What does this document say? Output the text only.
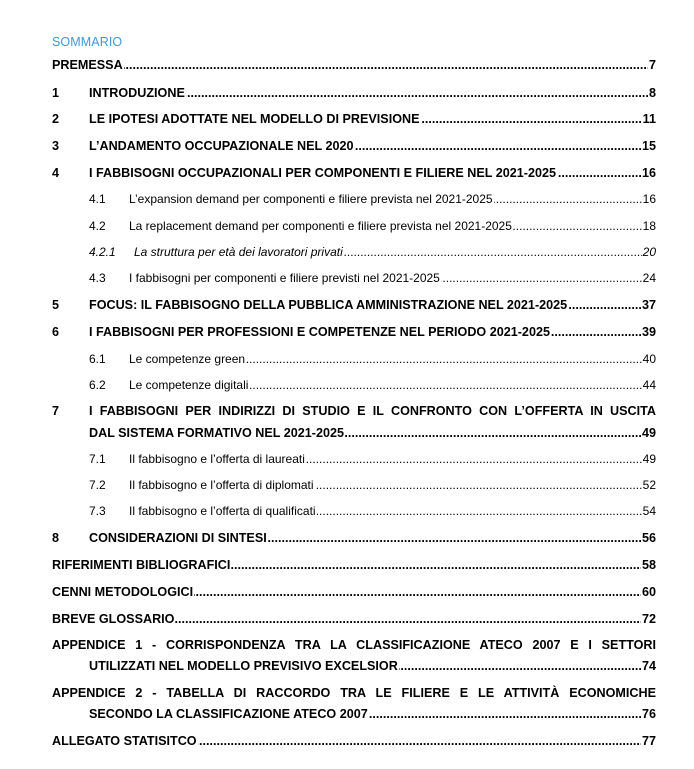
SOMMARIO
PREMESSA .....	7
1	INTRODUZIONE .....	8
2	LE IPOTESI ADOTTATE NEL MODELLO DI PREVISIONE .....	11
3	L’ANDAMENTO OCCUPAZIONALE NEL 2020 .....	15
4	I FABBISOGNI OCCUPAZIONALI PER COMPONENTI E FILIERE NEL 2021-2025 .....	16
4.1	L’expansion demand per componenti e filiere prevista nel 2021-2025 .....	16
4.2	La replacement demand per componenti e filiere prevista nel 2021-2025 .....	18
4.2.1	La struttura per età dei lavoratori privati .....	20
4.3	I fabbisogni per componenti e filiere previsti nel 2021-2025 .....	24
5	FOCUS: IL FABBISOGNO DELLA PUBBLICA AMMINISTRAZIONE NEL 2021-2025 .....	37
6	I FABBISOGNI PER PROFESSIONI E COMPETENZE NEL PERIODO 2021-2025 .....	39
6.1	Le competenze green .....	40
6.2	Le competenze digitali .....	44
7	I FABBISOGNI PER INDIRIZZI DI STUDIO E IL CONFRONTO CON L’OFFERTA IN USCITA
DAL SISTEMA FORMATIVO NEL 2021-2025 .....	49
7.1	Il fabbisogno e l’offerta di laureati .....	49
7.2	Il fabbisogno e l’offerta di diplomati .....	52
7.3	Il fabbisogno e l’offerta di qualificati .....	54
8	CONSIDERAZIONI DI SINTESI .....	56
RIFERIMENTI BIBLIOGRAFICI .....	58
CENNI METODOLOGICI .....	60
BREVE GLOSSARIO .....	72
APPENDICE 1 - CORRISPONDENZA TRA LA CLASSIFICAZIONE ATECO 2007 E I SETTORI
UTILIZZATI NEL MODELLO PREVISIVO EXCELSIOR .....	74
APPENDICE 2 - TABELLA DI RACCORDO TRA LE FILIERE E LE ATTIVITÀ ECONOMICHE
SECONDO LA CLASSIFICAZIONE ATECO 2007 .....	76
ALLEGATO STATISITCO .....	77
